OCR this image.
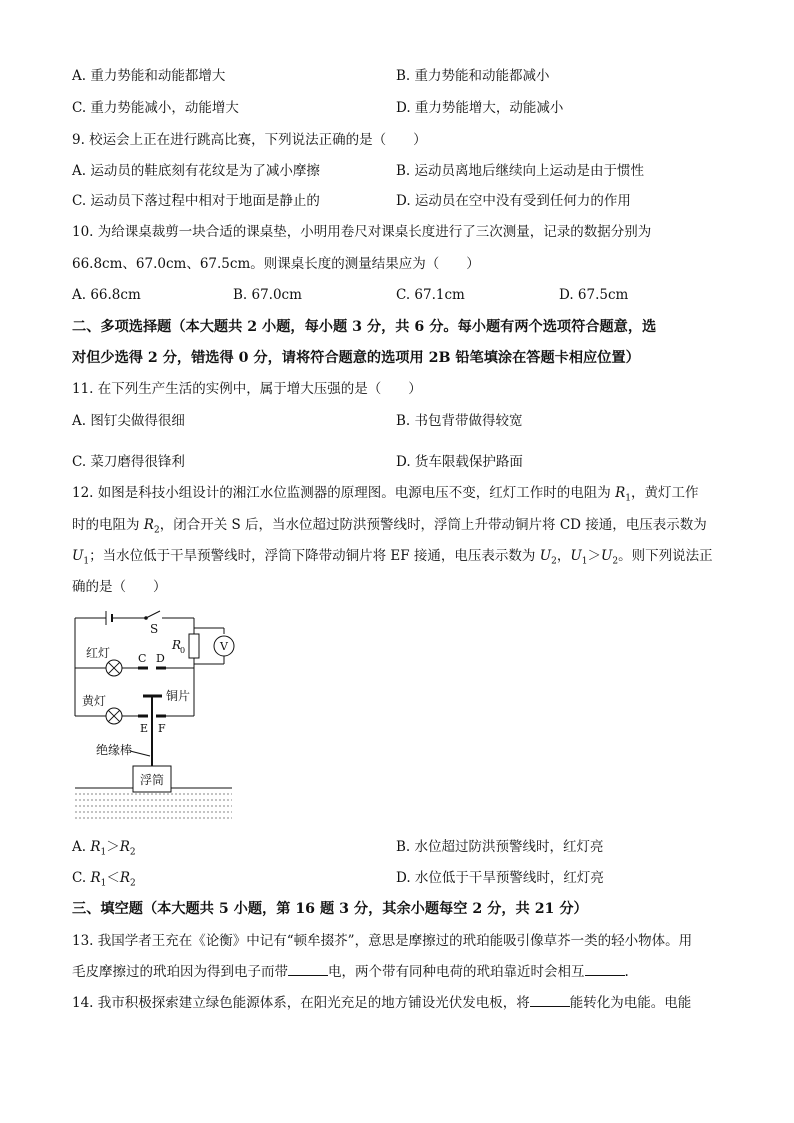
A. 重力势能和动能都增大	B. 重力势能和动能都减小
C. 重力势能减小，动能增大	D. 重力势能增大，动能减小
9. 校运会上正在进行跳高比赛，下列说法正确的是（　　）
A. 运动员的鞋底刻有花纹是为了减小摩擦	B. 运动员离地后继续向上运动是由于惯性
C. 运动员下落过程中相对于地面是静止的	D. 运动员在空中没有受到任何力的作用
10. 为给课桌裁剪一块合适的课桌垫，小明用卷尺对课桌长度进行了三次测量，记录的数据分别为
66.8cm、67.0cm、67.5cm。则课桌长度的测量结果应为（　　）
A. 66.8cm	B. 67.0cm	C. 67.1cm	D. 67.5cm
二、多项选择题（本大题共 2 小题，每小题 3 分，共 6 分。每小题有两个选项符合题意，选
对但少选得 2 分，错选得 0 分，请将符合题意的选项用 2B 铅笔填涂在答题卡相应位置）
11. 在下列生产生活的实例中，属于增大压强的是（　　）
A. 图钉尖做得很细	B. 书包背带做得较宽
C. 菜刀磨得很锋利	D. 货车限载保护路面
12. 如图是科技小组设计的湘江水位监测器的原理图。电源电压不变，红灯工作时的电阻为 $R_1$，黄灯工作
时的电阻为 $R_2$，闭合开关 S 后，当水位超过防洪预警线时，浮筒上升带动铜片将 CD 接通，电压表示数为
$U_1$；当水位低于干旱预警线时，浮筒下降带动铜片将 EF 接通，电压表示数为 $U_2$，$U_1>U_2$。则下列说法正
确的是（　　）
S
R
0	V
红灯	C D
铜片
黄灯
E F
绝缘棒
浮筒
A. $R_1>R_2$	B. 水位超过防洪预警线时，红灯亮
C. $R_1<R_2$	D. 水位低于干旱预警线时，红灯亮
三、填空题（本大题共 5 小题，第 16 题 3 分，其余小题每空 2 分，共 21 分）
13. 我国学者王充在《论衡》中记有“顿牟掇芥”，意思是摩擦过的玳珀能吸引像草芥一类的轻小物体。用
毛皮摩擦过的玳珀因为得到电子而带	电，两个带有同种电荷的玳珀靠近时会相互	.
14. 我市积极探索建立绿色能源体系，在阳光充足的地方铺设光伏发电板，将	能转化为电能。电能
